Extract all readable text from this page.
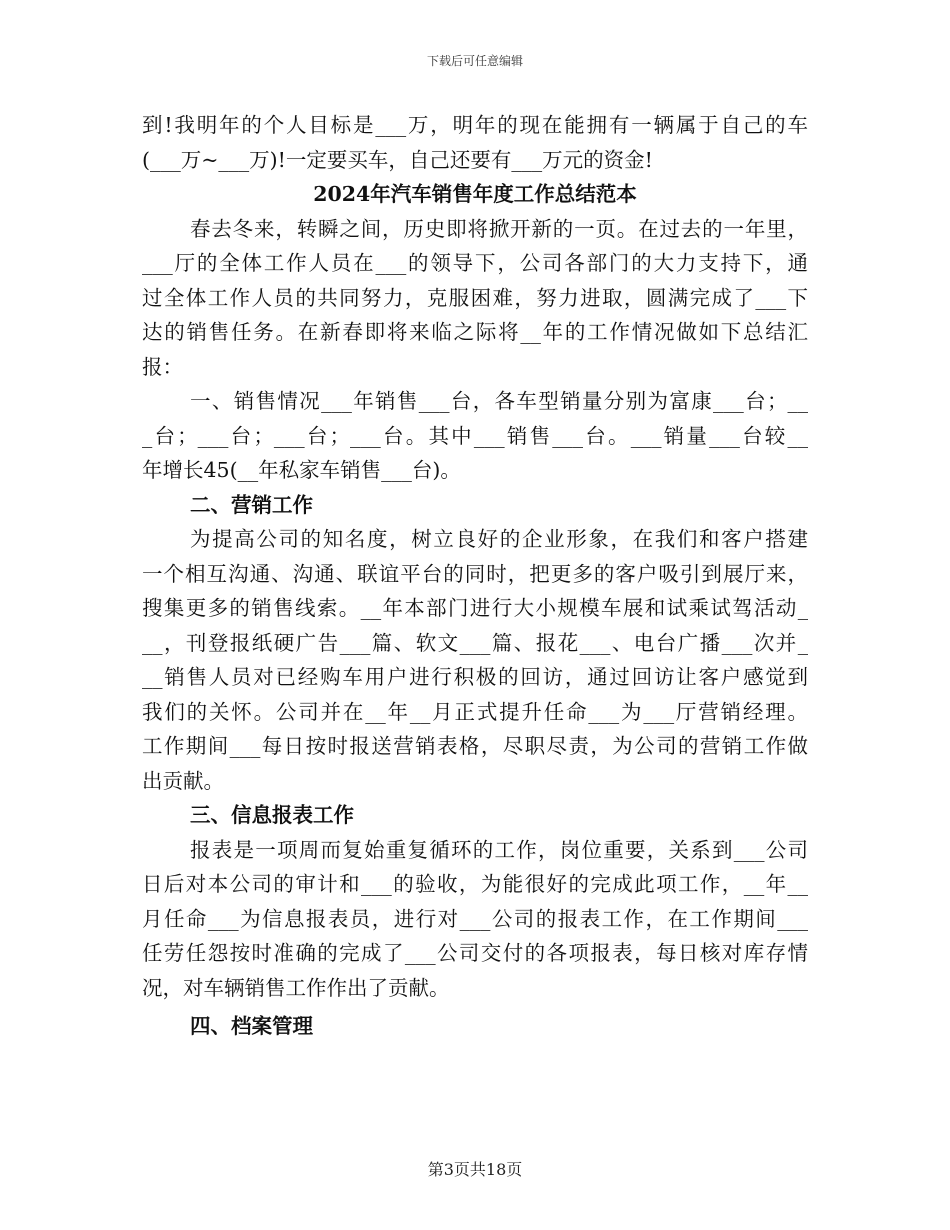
下载后可任意编辑
到!我明年的个人目标是___万，明年的现在能拥有一辆属于自己的车
(___万~___万)!一定要买车，自己还要有___万元的资金!
2024年汽车销售年度工作总结范本
春去冬来，转瞬之间，历史即将掀开新的一页。在过去的一年里，
___厅的全体工作人员在___的领导下，公司各部门的大力支持下，通
过全体工作人员的共同努力，克服困难，努力进取，圆满完成了___下
达的销售任务。在新春即将来临之际将__年的工作情况做如下总结汇
报：
一、销售情况___年销售___台，各车型销量分别为富康___台；__
_台；___台；___台；___台。其中___销售___台。___销量___台较__
年增长45(__年私家车销售___台)。
二、营销工作
为提高公司的知名度，树立良好的企业形象，在我们和客户搭建
一个相互沟通、沟通、联谊平台的同时，把更多的客户吸引到展厅来，
搜集更多的销售线索。__年本部门进行大小规模车展和试乘试驾活动_
__，刊登报纸硬广告___篇、软文___篇、报花___、电台广播___次并_
__销售人员对已经购车用户进行积极的回访，通过回访让客户感觉到
我们的关怀。公司并在__年__月正式提升任命___为___厅营销经理。
工作期间___每日按时报送营销表格，尽职尽责，为公司的营销工作做
出贡献。
三、信息报表工作
报表是一项周而复始重复循环的工作，岗位重要，关系到___公司
日后对本公司的审计和___的验收，为能很好的完成此项工作，__年__
月任命___为信息报表员，进行对___公司的报表工作，在工作期间___
任劳任怨按时准确的完成了___公司交付的各项报表，每日核对库存情
况，对车辆销售工作作出了贡献。
四、档案管理
第3页共18页
